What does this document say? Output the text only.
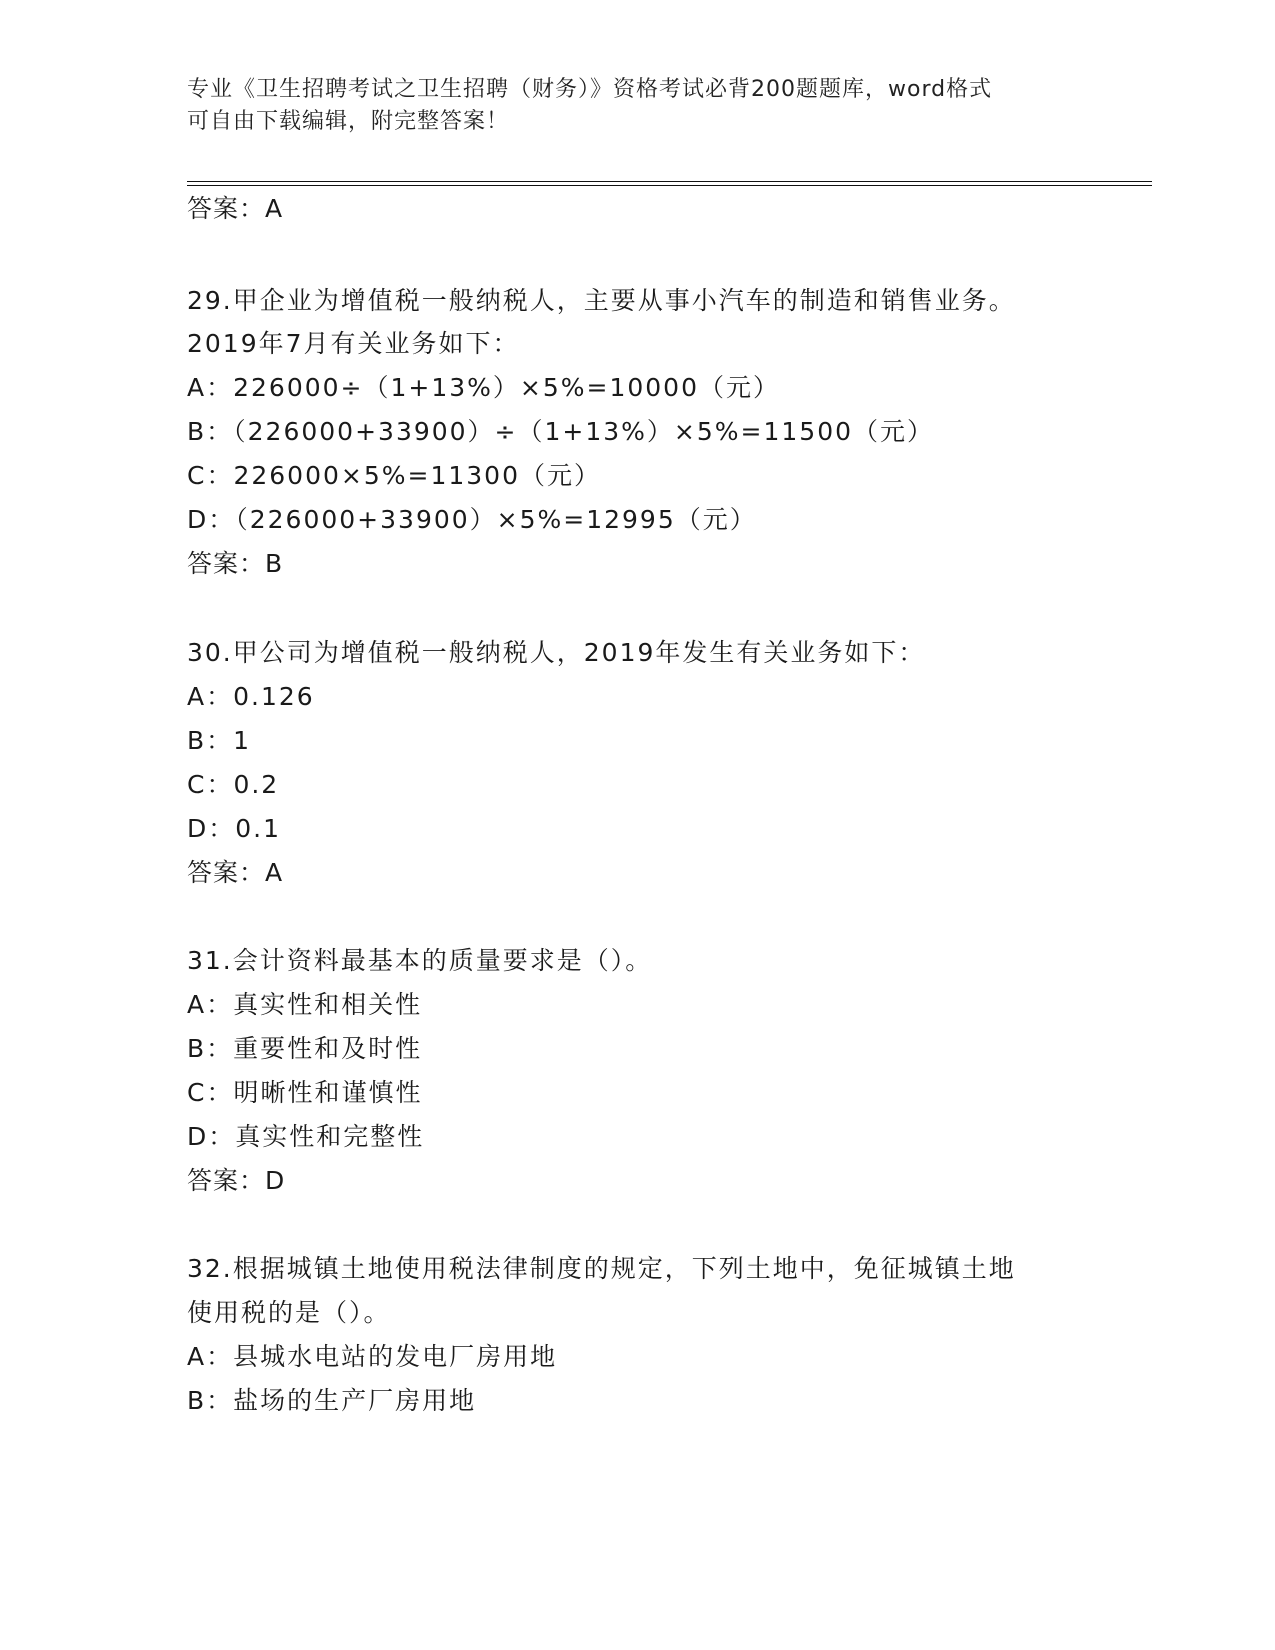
专业《卫生招聘考试之卫生招聘（财务）》资格考试必背200题题库，word格式
可自由下载编辑，附完整答案！
答案：A
29.甲企业为增值税一般纳税人，主要从事小汽车的制造和销售业务。
2019年7月有关业务如下：
A：226000÷（1+13%）×5%=10000（元）
B：（226000+33900）÷（1+13%）×5%=11500（元）
C：226000×5%=11300（元）
D：（226000+33900）×5%=12995（元）
答案：B
30.甲公司为增值税一般纳税人，2019年发生有关业务如下：
A：0.126
B：1
C：0.2
D：0.1
答案：A
31.会计资料最基本的质量要求是（）。
A：真实性和相关性
B：重要性和及时性
C：明晰性和谨慎性
D：真实性和完整性
答案：D
32.根据城镇土地使用税法律制度的规定，下列土地中，免征城镇土地
使用税的是（）。
A：县城水电站的发电厂房用地
B：盐场的生产厂房用地
